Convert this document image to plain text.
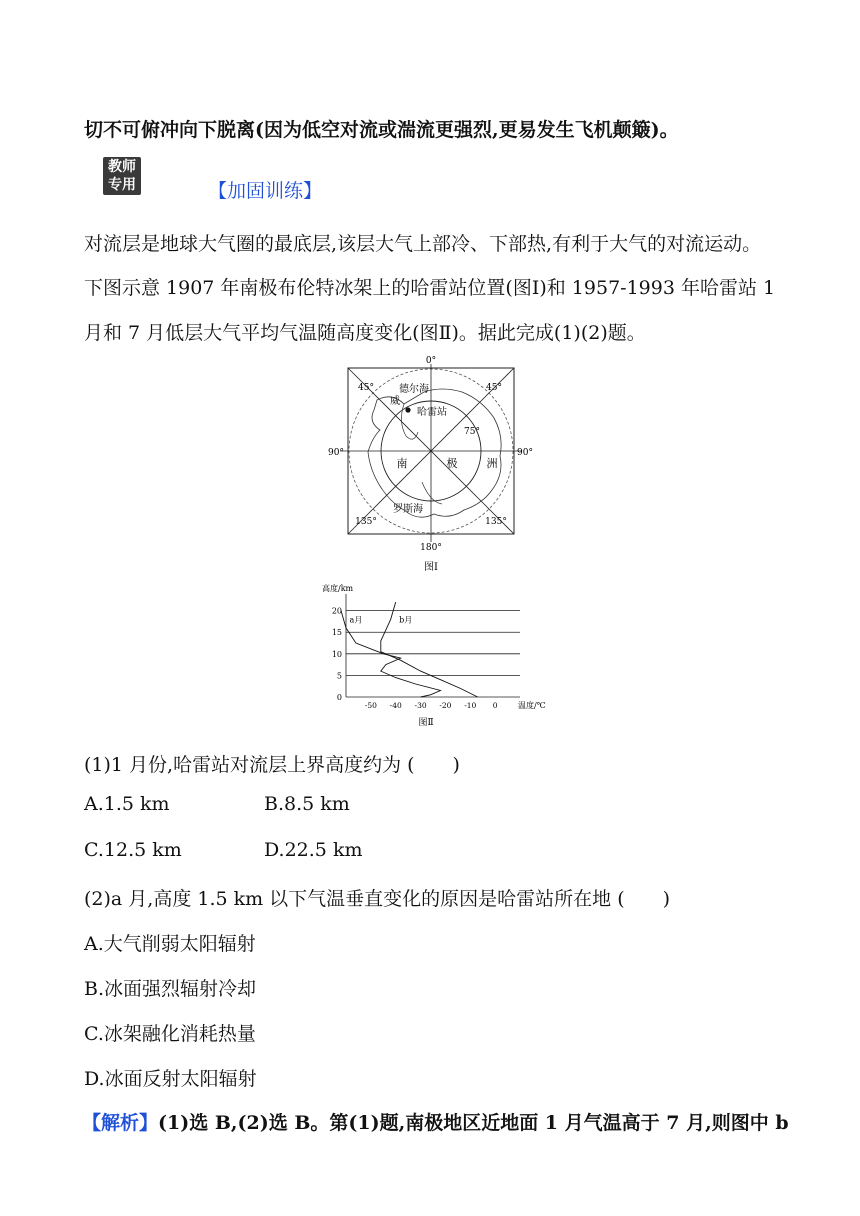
切不可俯冲向下脱离(因为低空对流或湍流更强烈,更易发生飞机颠簸)。
教师
专用	【加固训练】
对流层是地球大气圈的最底层,该层大气上部冷、下部热,有利于大气的对流运动。
下图示意 1907 年南极布伦特冰架上的哈雷站位置(图Ⅰ)和 1957-1993 年哈雷站 1
月和 7 月低层大气平均气温随高度变化(图Ⅱ)。据此完成(1)(2)题。
0°
45°	45°
90°	90°
75°
135°	135°
180°
德尔海
威
哈雷站
南	极	洲
罗斯海
图Ⅰ
高度/km
a月	b月
0
5
10
15
20
-50 -40 -30 -20 -10 0	温度/℃
图Ⅱ
(1)1 月份,哈雷站对流层上界高度约为 (　　)
A.1.5 km	B.8.5 km
C.12.5 km	D.22.5 km
(2)a 月,高度 1.5 km 以下气温垂直变化的原因是哈雷站所在地 (　　)
A.大气削弱太阳辐射
B.冰面强烈辐射冷却
C.冰架融化消耗热量
D.冰面反射太阳辐射
【解析】(1)选 B,(2)选 B。第(1)题,南极地区近地面 1 月气温高于 7 月,则图中 b
